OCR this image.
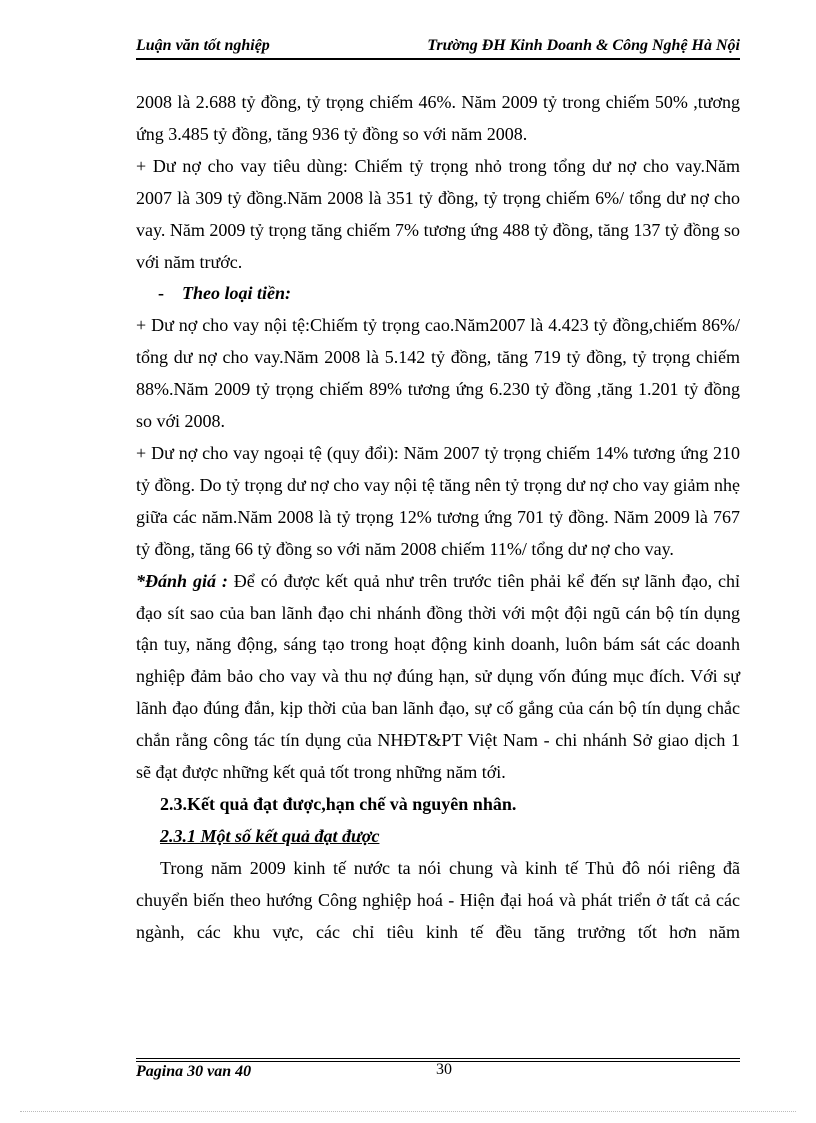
Luận văn tốt nghiệp	Trường ĐH Kinh Doanh & Công Nghệ Hà Nội

2008 là 2.688 tỷ đồng, tỷ trọng chiếm 46%. Năm 2009 tỷ trong chiếm 50% ,tương ứng 3.485 tỷ đồng, tăng 936 tỷ đồng so với năm 2008.

+ Dư nợ cho vay tiêu dùng: Chiếm tỷ trọng nhỏ trong tổng dư nợ cho vay.Năm 2007 là 309 tỷ đồng.Năm 2008 là 351 tỷ đồng, tỷ trọng chiếm 6%/ tổng dư nợ cho vay. Năm 2009 tỷ trọng tăng chiếm 7% tương ứng 488 tỷ đồng, tăng 137 tỷ đồng so với năm trước.

- Theo loại tiền:

+ Dư nợ cho vay nội tệ:Chiếm tỷ trọng cao.Năm2007 là 4.423 tỷ đồng,chiếm 86%/ tổng dư nợ cho vay.Năm 2008 là 5.142 tỷ đồng, tăng 719 tỷ đồng, tỷ trọng chiếm 88%.Năm 2009 tỷ trọng chiếm 89% tương ứng 6.230 tỷ đồng ,tăng 1.201 tỷ đồng so với 2008.

+ Dư nợ cho vay ngoại tệ (quy đổi): Năm 2007 tỷ trọng chiếm 14% tương ứng 210 tỷ đồng. Do tỷ trọng dư nợ cho vay nội tệ tăng nên tỷ trọng dư nợ cho vay giảm nhẹ giữa các năm.Năm 2008 là tỷ trọng 12% tương ứng 701 tỷ đồng. Năm 2009 là 767 tỷ đồng, tăng 66 tỷ đồng so với năm 2008 chiếm 11%/ tổng dư nợ cho vay.

*Đánh giá : Để có được kết quả như trên trước tiên phải kể đến sự lãnh đạo, chỉ đạo sít sao của ban lãnh đạo chi nhánh đồng thời với một đội ngũ cán bộ tín dụng tận tuy, năng động, sáng tạo trong hoạt động kinh doanh, luôn bám sát các doanh nghiệp đảm bảo cho vay và thu nợ đúng hạn, sử dụng vốn đúng mục đích. Với sự lãnh đạo đúng đắn, kịp thời của ban lãnh đạo, sự cố gắng của cán bộ tín dụng chắc chắn rằng công tác tín dụng của NHĐT&PT Việt Nam - chi nhánh Sở giao dịch 1 sẽ đạt được những kết quả tốt trong những năm tới.

2.3.Kết quả đạt được,hạn chế và nguyên nhân.

2.3.1 Một số kết quả đạt được

Trong năm 2009 kinh tế nước ta nói chung và kinh tế Thủ đô nói riêng đã chuyển biến theo hướng Công nghiệp hoá - Hiện đại hoá và phát triển ở tất cả các ngành, các khu vực, các chỉ tiêu kinh tế đều tăng trưởng tốt hơn năm

Pagina 30 van 40	30
